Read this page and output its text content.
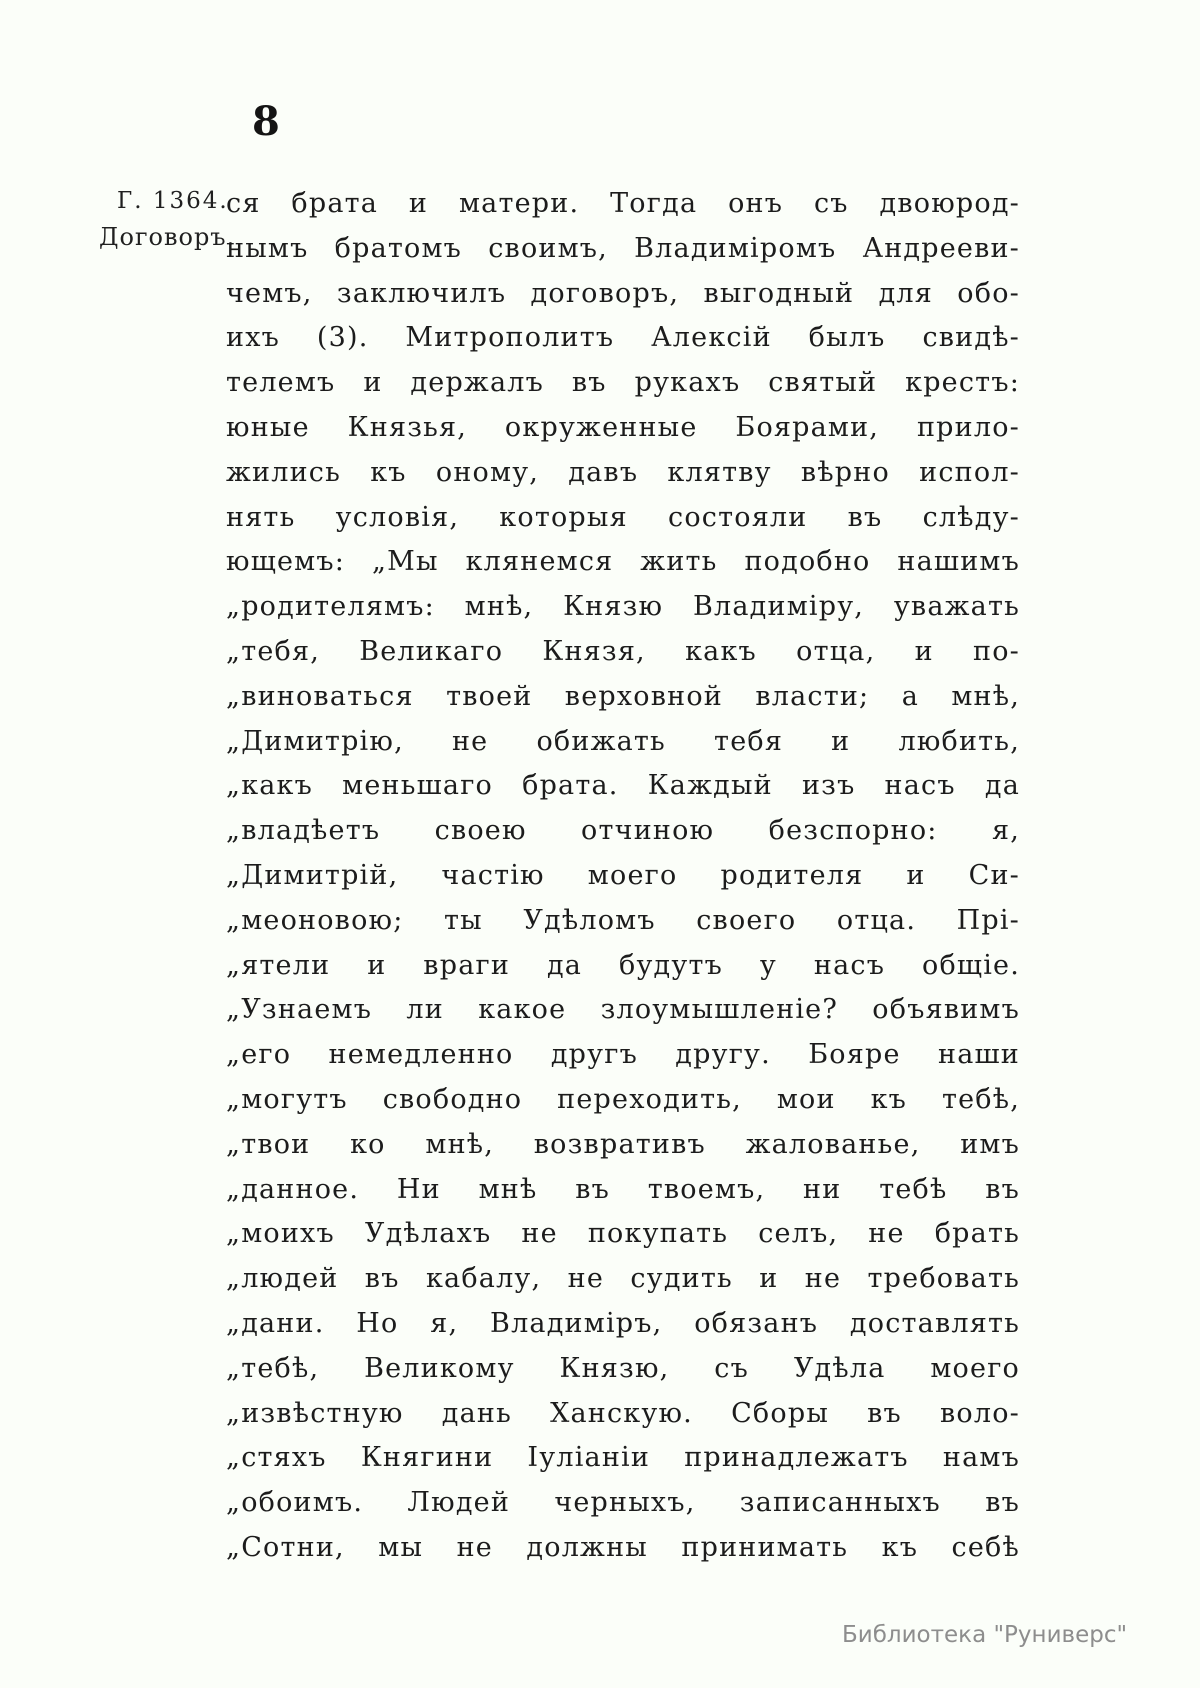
8
Г. 1364.
Договоръ.
ся брата и матери. Тогда онъ съ двоюрод-
нымъ братомъ своимъ, Владиміромъ Андрееви-
чемъ, заключилъ договоръ, выгодный для обо-
ихъ (3). Митрополитъ Алексій былъ свидѣ-
телемъ и держалъ въ рукахъ святый крестъ:
юные Князья, окруженные Боярами, прило-
жились къ оному, давъ клятву вѣрно испол-
нять условія, которыя состояли въ слѣду-
ющемъ: „Мы клянемся жить подобно нашимъ
„родителямъ: мнѣ, Князю Владиміру, уважать
„тебя, Великаго Князя, какъ отца, и по-
„виноваться твоей верховной власти; а мнѣ,
„Димитрію, не обижать тебя и любить,
„какъ меньшаго брата. Каждый изъ насъ да
„владѣетъ своею отчиною безспорно: я,
„Димитрій, частію моего родителя и Си-
„меоновою; ты Удѣломъ своего отца. Прі-
„ятели и враги да будутъ у насъ общіе.
„Узнаемъ ли какое злоумышленіе? объявимъ
„его немедленно другъ другу. Бояре наши
„могутъ свободно переходить, мои къ тебѣ,
„твои ко мнѣ, возвративъ жалованье, имъ
„данное. Ни мнѣ въ твоемъ, ни тебѣ въ
„моихъ Удѣлахъ не покупать селъ, не брать
„людей въ кабалу, не судить и не требовать
„дани. Но я, Владиміръ, обязанъ доставлять
„тебѣ, Великому Князю, съ Удѣла моего
„извѣстную дань Ханскую. Сборы въ воло-
„стяхъ Княгини Іуліаніи принадлежатъ намъ
„обоимъ. Людей черныхъ, записанныхъ въ
„Сотни, мы не должны принимать къ себѣ
Библиотека "Руниверс"
